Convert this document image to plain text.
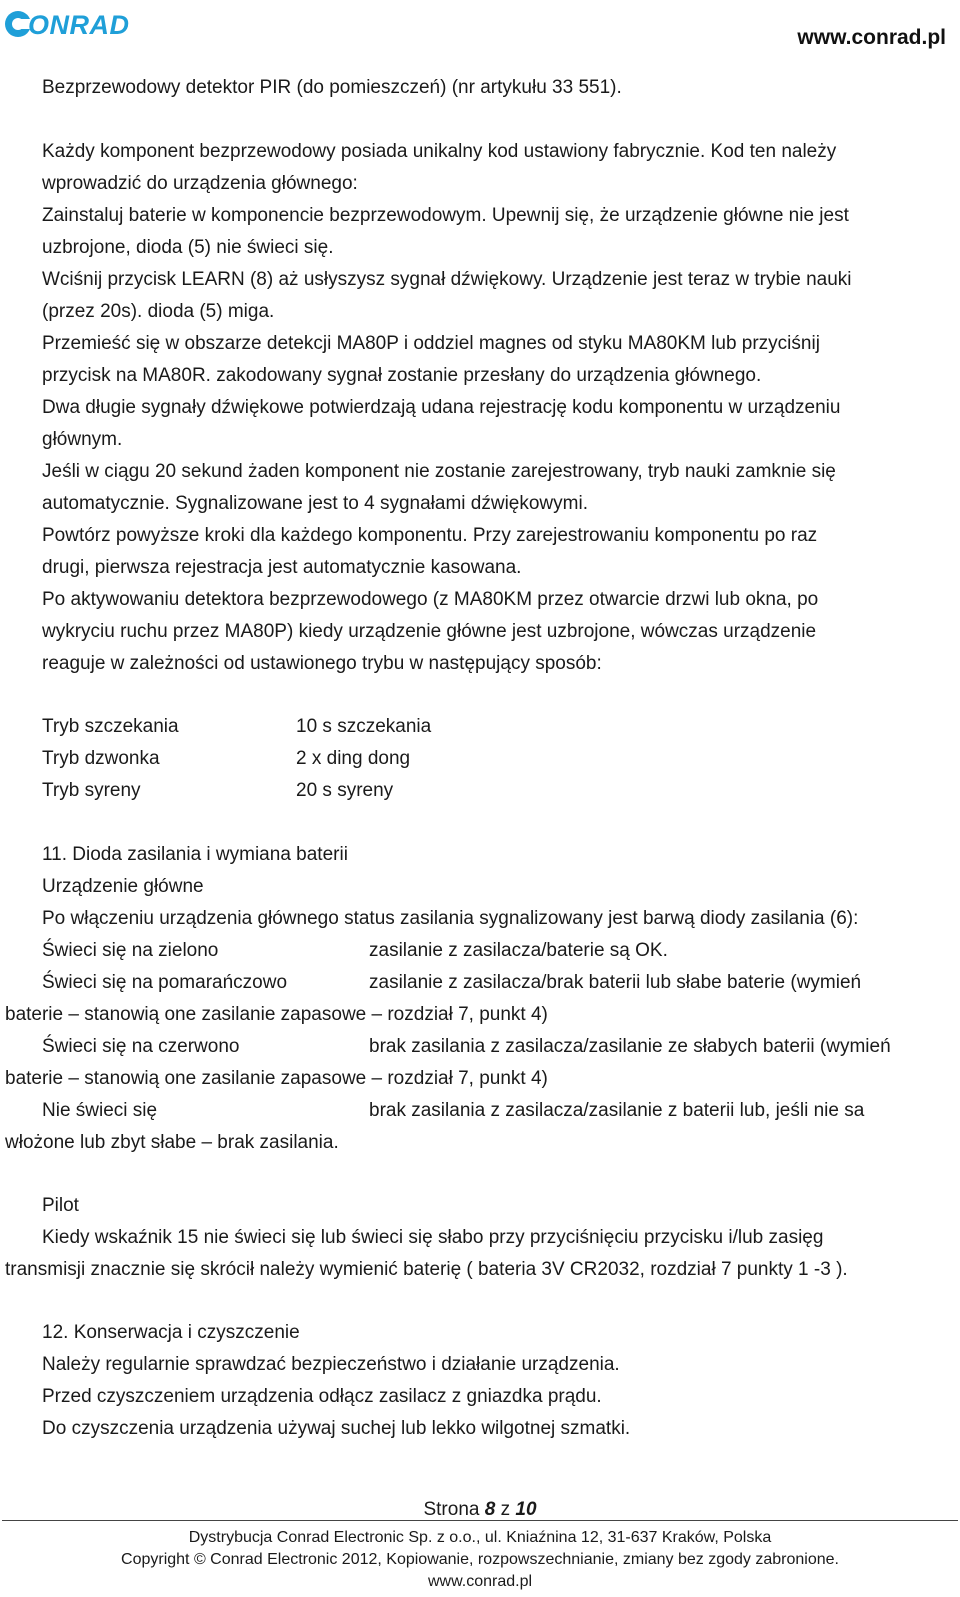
ONRAD	www.conrad.pl
Bezprzewodowy detektor PIR (do pomieszczeń) (nr artykułu 33 551).
Każdy komponent bezprzewodowy posiada unikalny kod ustawiony fabrycznie. Kod ten należy
wprowadzić do urządzenia głównego:
Zainstaluj baterie w komponencie bezprzewodowym. Upewnij się, że urządzenie główne nie jest
uzbrojone, dioda (5) nie świeci się.
Wciśnij przycisk LEARN (8) aż usłyszysz sygnał dźwiękowy. Urządzenie jest teraz w trybie nauki
(przez 20s). dioda (5) miga.
Przemieść się w obszarze detekcji MA80P i oddziel magnes od styku MA80KM lub przyciśnij
przycisk na MA80R. zakodowany sygnał zostanie przesłany do urządzenia głównego.
Dwa długie sygnały dźwiękowe potwierdzają udana rejestrację kodu komponentu w urządzeniu
głównym.
Jeśli w ciągu 20 sekund żaden komponent nie zostanie zarejestrowany, tryb nauki zamknie się
automatycznie. Sygnalizowane jest to 4 sygnałami dźwiękowymi.
Powtórz powyższe kroki dla każdego komponentu. Przy zarejestrowaniu komponentu po raz
drugi, pierwsza rejestracja jest automatycznie kasowana.
Po aktywowaniu detektora bezprzewodowego (z MA80KM przez otwarcie drzwi lub okna, po
wykryciu ruchu przez MA80P) kiedy urządzenie główne jest uzbrojone, wówczas urządzenie
reaguje w zależności od ustawionego trybu w następujący sposób:
Tryb szczekania	10 s szczekania
Tryb dzwonka	2 x ding dong
Tryb syreny	20 s syreny
11. Dioda zasilania i wymiana baterii
Urządzenie główne
Po włączeniu urządzenia głównego status zasilania sygnalizowany jest barwą diody zasilania (6):
Świeci się na zielono	zasilanie z zasilacza/baterie są OK.
Świeci się na pomarańczowo	zasilanie z zasilacza/brak baterii lub słabe baterie (wymień
baterie – stanowią one zasilanie zapasowe – rozdział 7, punkt 4)
Świeci się na czerwono	brak zasilania z zasilacza/zasilanie ze słabych baterii (wymień
baterie – stanowią one zasilanie zapasowe – rozdział 7, punkt 4)
Nie świeci się	brak zasilania z zasilacza/zasilanie z baterii lub, jeśli nie sa
włożone lub zbyt słabe – brak zasilania.
Pilot
Kiedy wskaźnik 15 nie świeci się lub świeci się słabo przy przyciśnięciu przycisku i/lub zasięg
transmisji znacznie się skrócił należy wymienić baterię ( bateria 3V CR2032, rozdział 7 punkty 1 -3 ).
12. Konserwacja i czyszczenie
Należy regularnie sprawdzać bezpieczeństwo i działanie urządzenia.
Przed czyszczeniem urządzenia odłącz zasilacz z gniazdka prądu.
Do czyszczenia urządzenia używaj suchej lub lekko wilgotnej szmatki.
Strona 8 z 10
Dystrybucja Conrad Electronic Sp. z o.o., ul. Kniaźnina 12, 31-637 Kraków, Polska
Copyright © Conrad Electronic 2012, Kopiowanie, rozpowszechnianie, zmiany bez zgody zabronione.
www.conrad.pl
